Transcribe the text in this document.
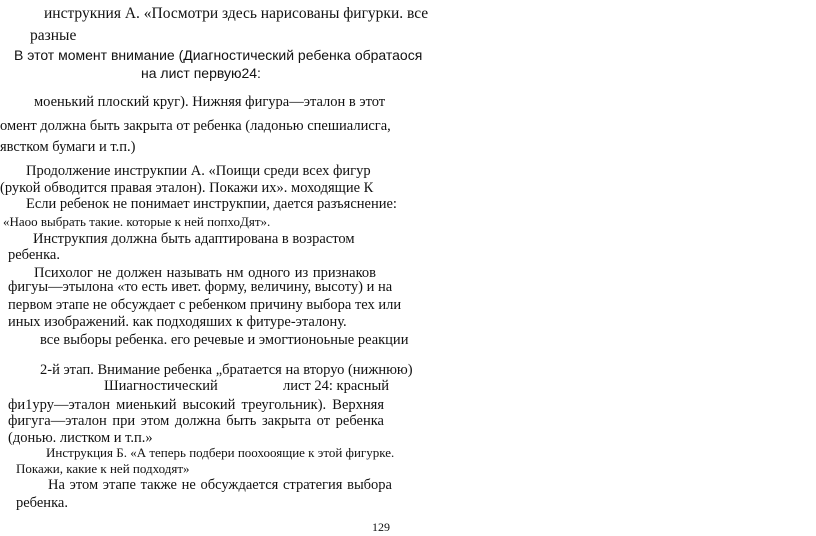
инструкния А. «Посмотри здесь нарисованы фигурки. все
разные
В этот момент внимание (Диагностический ребенка обратаося
на лист первую24:
моенький плоский круг). Нижняя фигура—эталон в этот
омент должна быть закрыта от ребенка (ладонью спешиалисга,
явстком бумаги и т.п.)
Продолжение инструкпии А. «Поищи среди всех фигур
(рукой обводится правая эталон). Покажи их». моходящие К
Если ребенок не понимает инструкпии, дается разъяснение:
«Наоо выбрать такие. которые к ней попхоДят».
Инструкпия должна быть адаптирована в возрастом
ребенка.
Психолог не должен называть нм одного из признаков
фигуы—этылона «то есть ивет. форму, величину, высоту) и на
первом этапе не обсуждает с ребенком причину выбора тех или
иных изображений. как подходяших к фитуре-эталону.
все выборы ребенка. его речевые и эмогтионоьные реакции
2-й этап. Внимание ребенка „братается на вторуо (нижнюю)
Шиагностический	лист 24: красный
фи1уру—эталон миенький высокий треугольник). Верхняя
фигуга—эталон при этом должна быть закрыта от ребенка
(донью. листком и т.п.»
Инструкция Б. «А теперь подбери поохооящие к этой фигурке.
Покажи, какие к ней подходят»
На этом этапе также не обсуждается стратегия выбора
ребенка.
129
